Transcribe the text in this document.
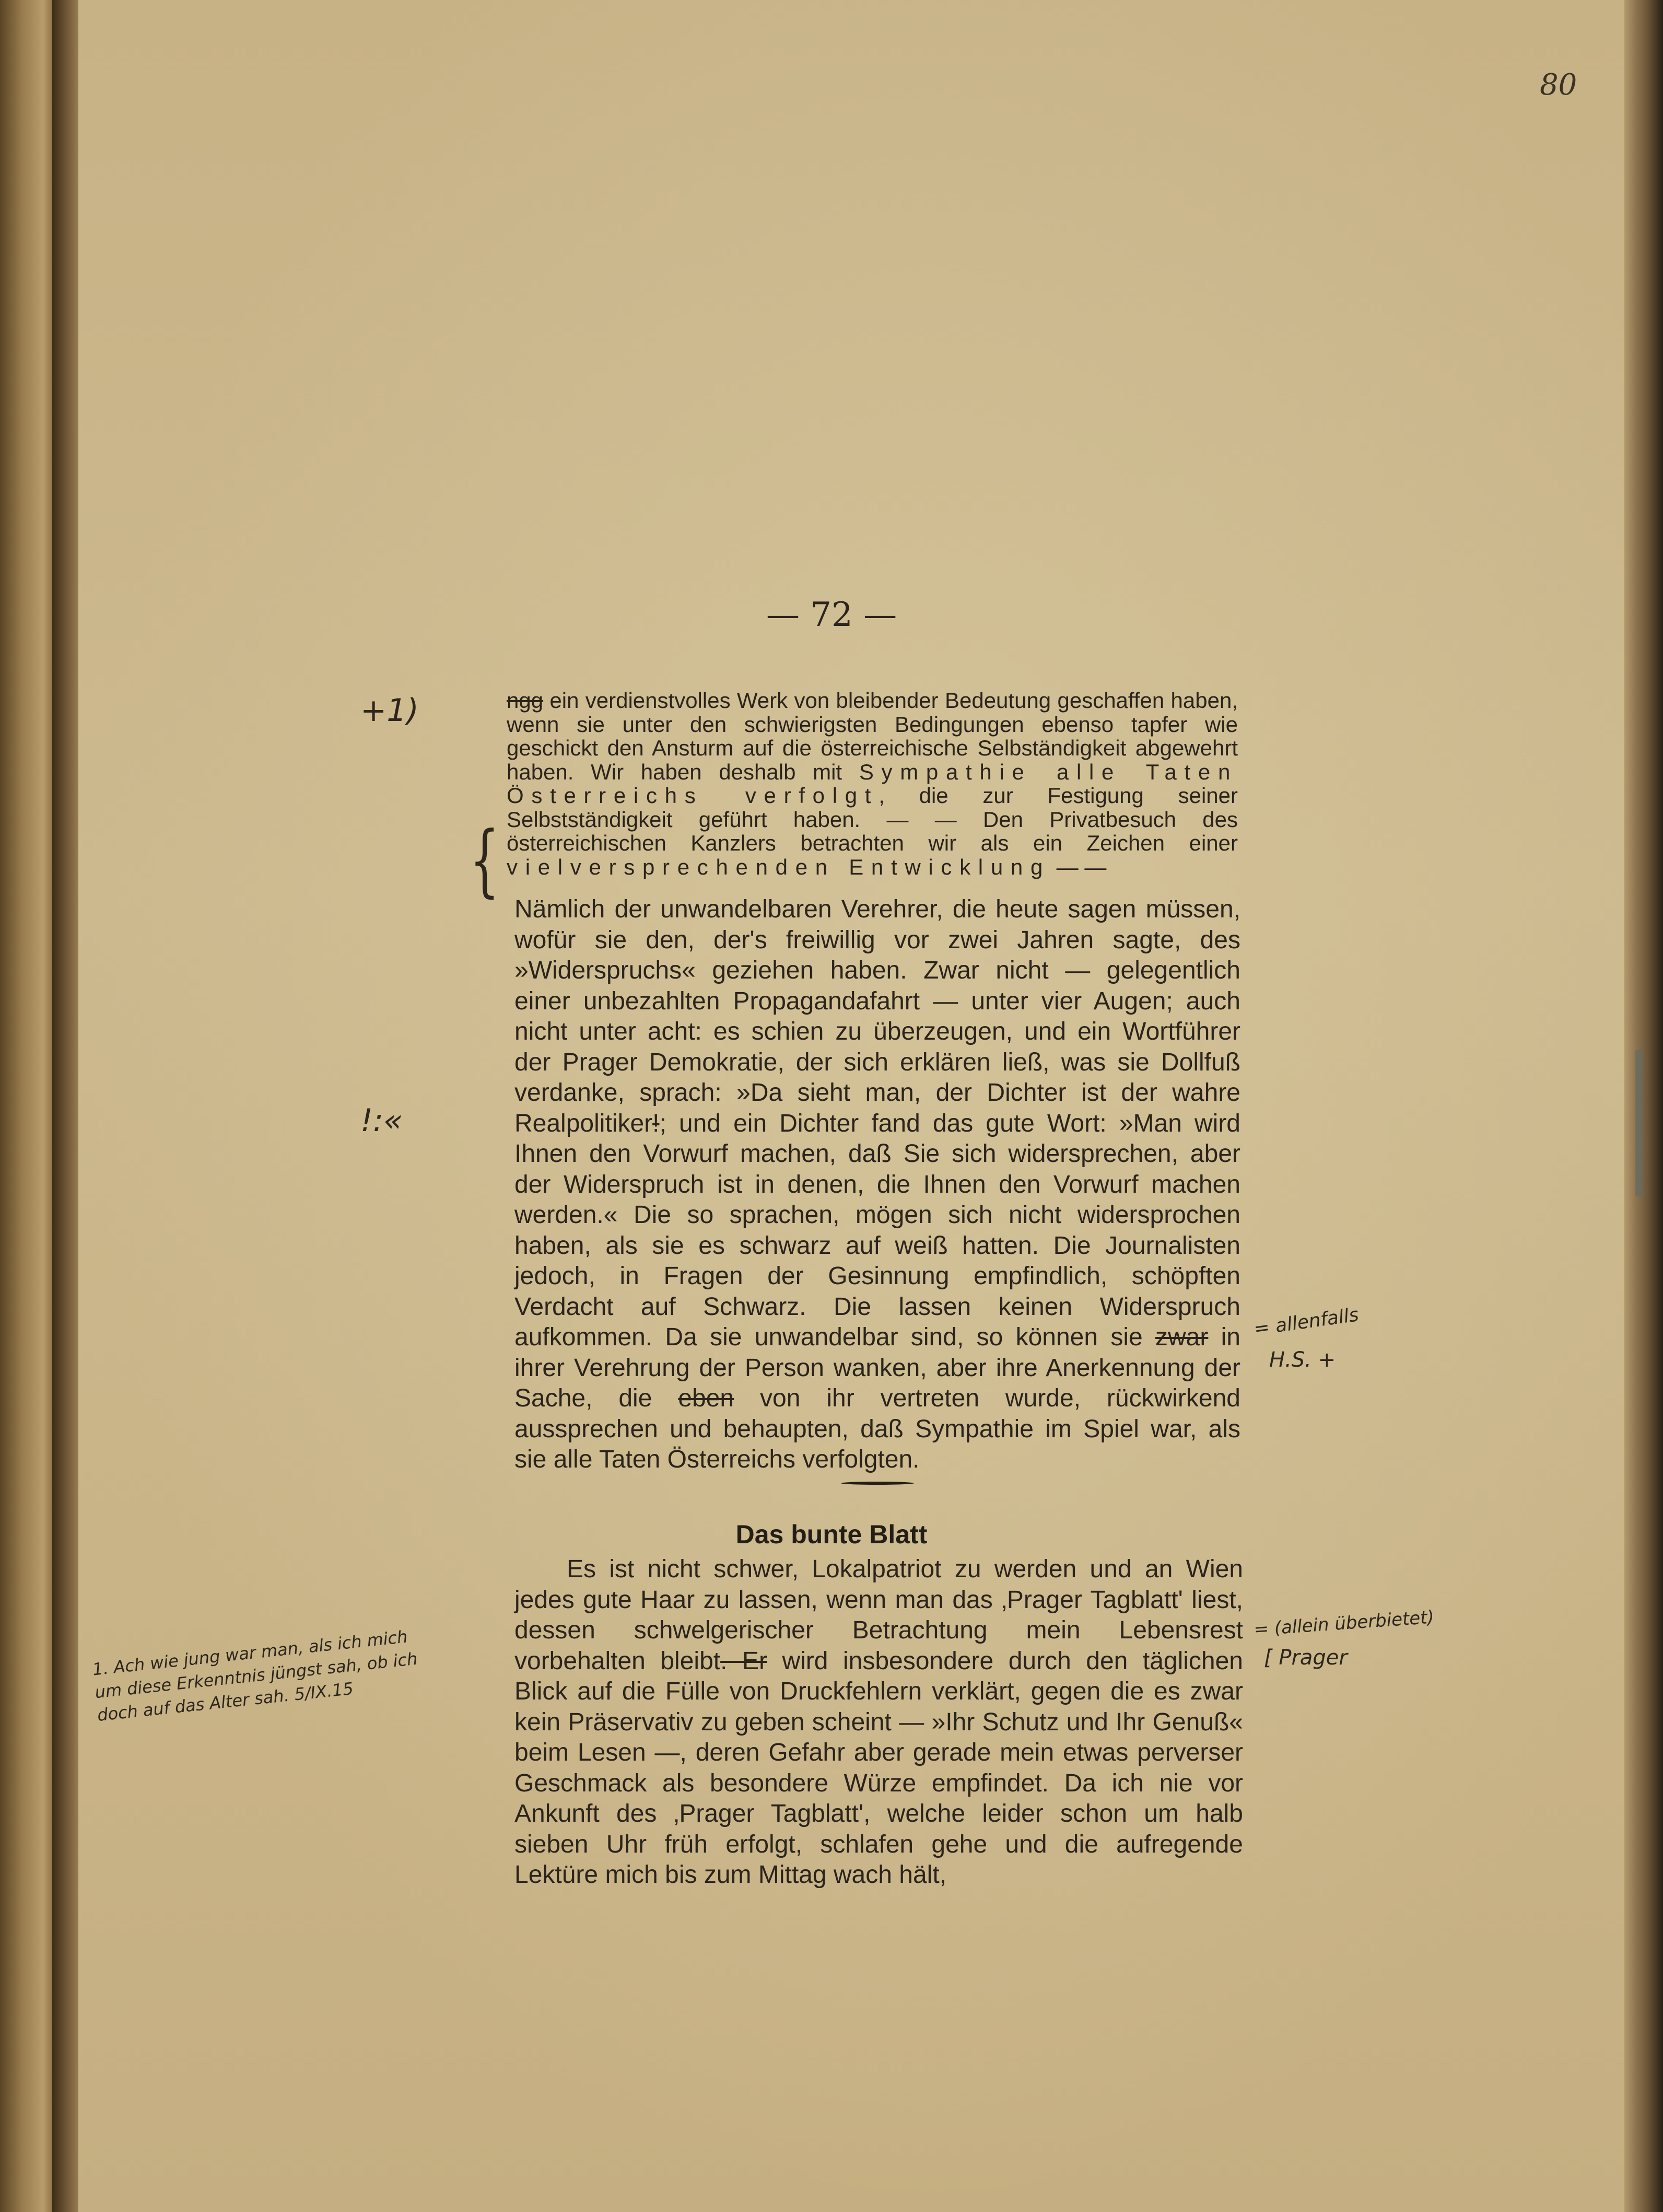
80
— 72 —
+1)
{

ngg ein verdienstvolles Werk von bleibender Bedeutung geschaffen haben, wenn sie unter den schwierigsten Bedingungen ebenso tapfer wie geschickt den Ansturm auf die österreichische Selbständigkeit abgewehrt haben. Wir haben deshalb mit Sympathie alle Taten Österreichs verfolgt, die zur Festigung seiner Selbstständigkeit geführt haben. — — Den Privatbesuch des österreichischen Kanzlers betrachten wir als ein Zeichen einer vielversprechenden Entwicklung — —

!:«

Nämlich der unwandelbaren Verehrer, die heute sagen müssen, wofür sie den, der's freiwillig vor zwei Jahren sagte, des »Widerspruchs« geziehen haben. Zwar nicht — gelegentlich einer unbezahlten Propagandafahrt — unter vier Augen; auch nicht unter acht: es schien zu überzeugen, und ein Wortführer der Prager Demokratie, der sich erklären ließ, was sie Dollfuß verdanke, sprach: »Da sieht man, der Dichter ist der wahre Realpolitiker!; und ein Dichter fand das gute Wort: »Man wird Ihnen den Vorwurf machen, daß Sie sich widersprechen, aber der Widerspruch ist in denen, die Ihnen den Vorwurf machen werden.« Die so sprachen, mögen sich nicht widersprochen haben, als sie es schwarz auf weiß hatten. Die Journalisten jedoch, in Fragen der Gesinnung empfindlich, schöpften Verdacht auf Schwarz. Die lassen keinen Widerspruch aufkommen. Da sie unwandelbar sind, so können sie zwar in ihrer Verehrung der Person wanken, aber ihre Anerkennung der Sache, die eben von ihr vertreten wurde, rückwirkend aussprechen und behaupten, daß Sympathie im Spiel war, als sie alle Taten Österreichs verfolgten.

= allenfalls
H.S. +
Das bunte Blatt

Es ist nicht schwer, Lokalpatriot zu werden und an Wien jedes gute Haar zu lassen, wenn man das ‚Prager Tagblatt' liest, dessen schwelgerischer Betrachtung mein Lebensrest vorbehalten bleibt. Er wird insbesondere durch den täglichen Blick auf die Fülle von Druckfehlern verklärt, gegen die es zwar kein Präservativ zu geben scheint — »Ihr Schutz und Ihr Genuß« beim Lesen —, deren Gefahr aber gerade mein etwas perverser Geschmack als besondere Würze empfindet. Da ich nie vor Ankunft des ‚Prager Tagblatt', welche leider schon um halb sieben Uhr früh erfolgt, schlafen gehe und die aufregende Lektüre mich bis zum Mittag wach hält,

= (allein überbietet)
[ Prager
1. Ach wie jung war man, als ich mich um diese Erkenntnis jüngst sah, ob ich doch auf das Alter sah. 5/IX.15
